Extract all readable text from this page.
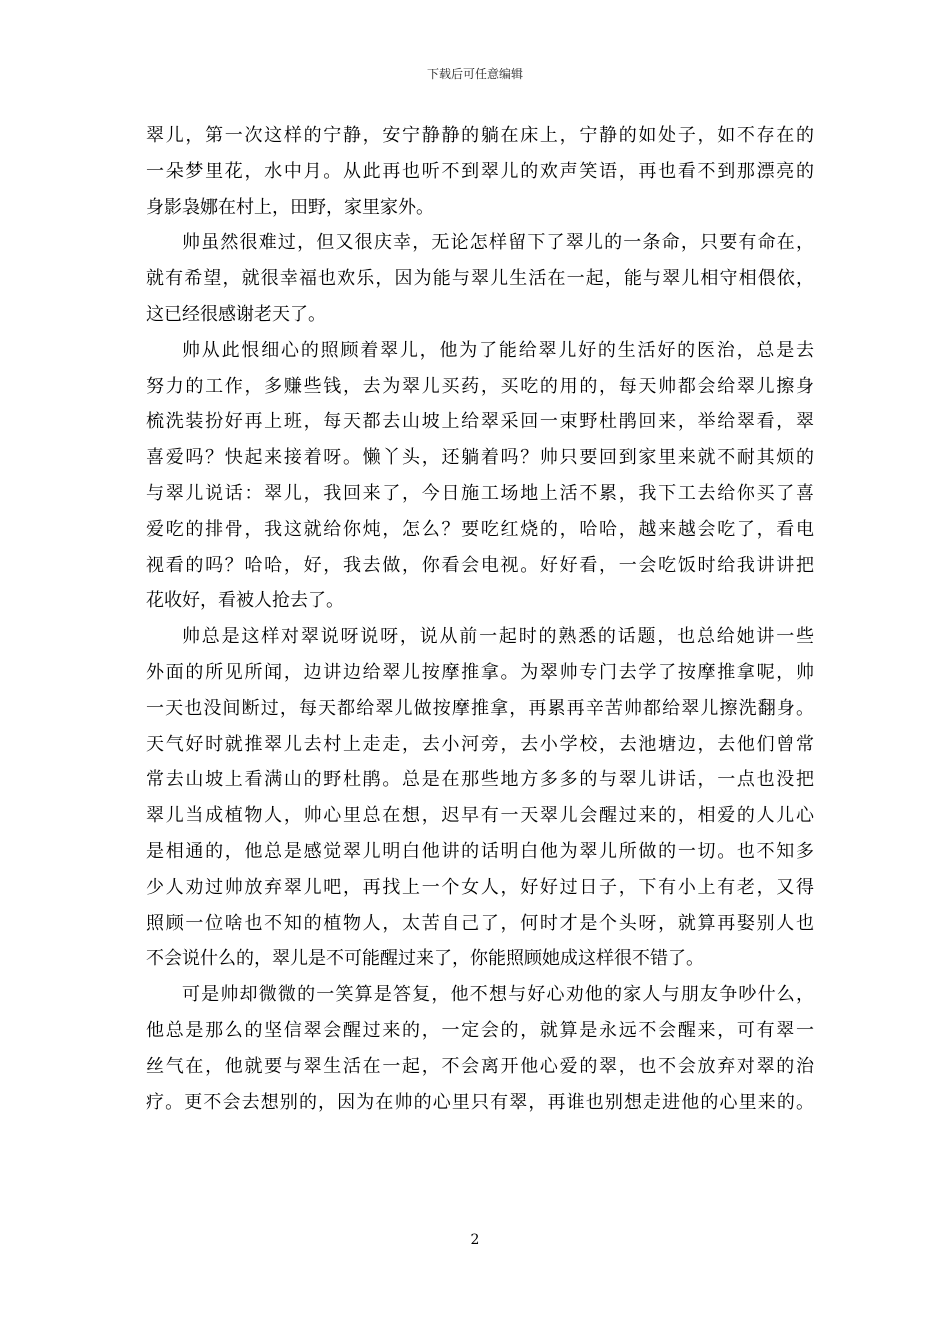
下载后可任意编辑
翠儿，第一次这样的宁静，安宁静静的躺在床上，宁静的如处子，如不存在的
一朵梦里花，水中月。从此再也听不到翠儿的欢声笑语，再也看不到那漂亮的
身影袅娜在村上，田野，家里家外。
帅虽然很难过，但又很庆幸，无论怎样留下了翠儿的一条命，只要有命在，
就有希望，就很幸福也欢乐，因为能与翠儿生活在一起，能与翠儿相守相偎依，
这已经很感谢老天了。
帅从此恨细心的照顾着翠儿，他为了能给翠儿好的生活好的医治，总是去
努力的工作，多赚些钱，去为翠儿买药，买吃的用的，每天帅都会给翠儿擦身
梳洗装扮好再上班，每天都去山坡上给翠采回一束野杜鹃回来，举给翠看，翠
喜爱吗？快起来接着呀。懒丫头，还躺着吗？帅只要回到家里来就不耐其烦的
与翠儿说话：翠儿，我回来了，今日施工场地上活不累，我下工去给你买了喜
爱吃的排骨，我这就给你炖，怎么？要吃红烧的，哈哈，越来越会吃了，看电
视看的吗？哈哈，好，我去做，你看会电视。好好看，一会吃饭时给我讲讲把
花收好，看被人抢去了。
帅总是这样对翠说呀说呀，说从前一起时的熟悉的话题，也总给她讲一些
外面的所见所闻，边讲边给翠儿按摩推拿。为翠帅专门去学了按摩推拿呢，帅
一天也没间断过，每天都给翠儿做按摩推拿，再累再辛苦帅都给翠儿擦洗翻身。
天气好时就推翠儿去村上走走，去小河旁，去小学校，去池塘边，去他们曾常
常去山坡上看满山的野杜鹃。总是在那些地方多多的与翠儿讲话，一点也没把
翠儿当成植物人，帅心里总在想，迟早有一天翠儿会醒过来的，相爱的人儿心
是相通的，他总是感觉翠儿明白他讲的话明白他为翠儿所做的一切。也不知多
少人劝过帅放弃翠儿吧，再找上一个女人，好好过日子，下有小上有老，又得
照顾一位啥也不知的植物人，太苦自己了，何时才是个头呀，就算再娶别人也
不会说什么的，翠儿是不可能醒过来了，你能照顾她成这样很不错了。
可是帅却微微的一笑算是答复，他不想与好心劝他的家人与朋友争吵什么，
他总是那么的坚信翠会醒过来的，一定会的，就算是永远不会醒来，可有翠一
丝气在，他就要与翠生活在一起，不会离开他心爱的翠，也不会放弃对翠的治
疗。更不会去想别的，因为在帅的心里只有翠，再谁也别想走进他的心里来的。
2
